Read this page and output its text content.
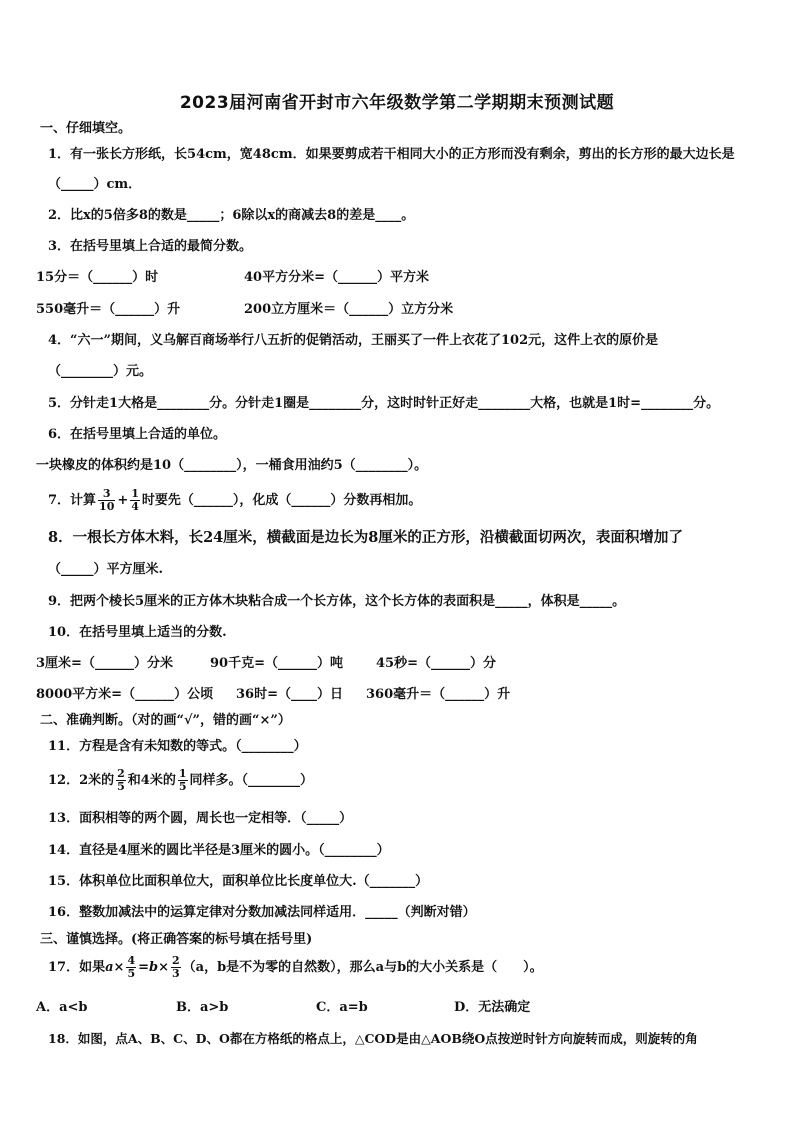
2023届河南省开封市六年级数学第二学期期末预测试题
一、仔细填空。
1．有一张长方形纸，长54cm，宽48cm．如果要剪成若干相同大小的正方形而没有剩余，剪出的长方形的最大边长是
（_____）cm．
2．比x的5倍多8的数是_____；6除以x的商减去8的差是____。
3．在括号里填上合适的最简分数。
15分＝（______）时	40平方分米=（______）平方米
550毫升＝（______）升	200立方厘米＝（______）立方分米
4．“六一”期间，义乌解百商场举行八五折的促销活动，王丽买了一件上衣花了102元，这件上衣的原价是
（________）元。
5．分针走1大格是________分。分针走1圈是________分，这时时针正好走________大格，也就是1时=________分。
6．在括号里填上合适的单位。
一块橡皮的体积约是10（________），一桶食用油约5（________）。
7．计算 $\frac{3}{10} + \frac{1}{4}$ 时要先（______），化成（______）分数再相加。
8．一根长方体木料，长24厘米，横截面是边长为8厘米的正方形，沿横截面切两次，表面积增加了
（_____）平方厘米.
9．把两个棱长5厘米的正方体木块粘合成一个长方体，这个长方体的表面积是_____，体积是_____。
10．在括号里填上适当的分数.
3厘米=（______）分米	90千克=（______）吨	45秒=（______）分
8000平方米=（______）公顷 36时=（____）日 360毫升＝（______）升
二、准确判断。（对的画“√”，错的画“×”）
11．方程是含有未知数的等式。（________）
12．2米的 $\frac{2}{5}$ 和4米的 $\frac{1}{5}$ 同样多。（________）
13．面积相等的两个圆，周长也一定相等．（_____）
14．直径是4厘米的圆比半径是3厘米的圆小。（________）
15．体积单位比面积单位大，面积单位比长度单位大.（_______）
16．整数加减法中的运算定律对分数加减法同样适用．_____（判断对错）
三、谨慎选择。(将正确答案的标号填在括号里)
17．如果$a\times \frac{4}{5} =b\times \frac{2}{3} (a$，b是不为零的自然数），那么a与b的大小关系是（　　）。
A．a<b	B．a>b	C．a=b	D．无法确定
18．如图，点A、B、C、D、O都在方格纸的格点上，△COD是由△AOB绕O点按逆时针方向旋转而成，则旋转的角
